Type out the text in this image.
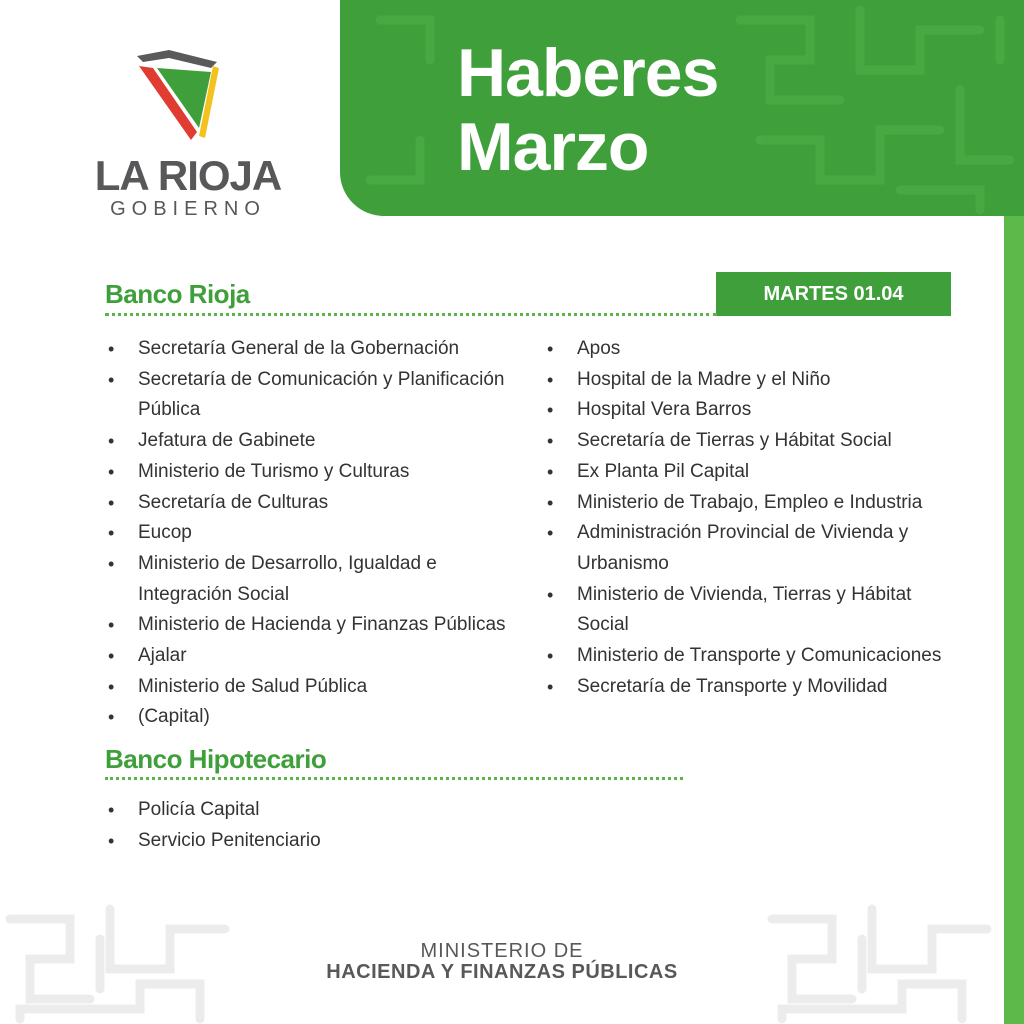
Haberes
Marzo
LA RIOJA
GOBIERNO
MARTES 01.04
Banco Rioja
• Secretaría General de la Gobernación
• Secretaría de Comunicación y Planificación Pública
• Jefatura de Gabinete
• Ministerio de Turismo y Culturas
• Secretaría de Culturas
• Eucop
• Ministerio de Desarrollo, Igualdad e Integración Social
• Ministerio de Hacienda y Finanzas Públicas
• Ajalar
• Ministerio de Salud Pública
• (Capital)
• Apos
• Hospital de la Madre y el Niño
• Hospital Vera Barros
• Secretaría de Tierras y Hábitat Social
• Ex Planta Pil Capital
• Ministerio de Trabajo, Empleo e Industria
• Administración Provincial de Vivienda y Urbanismo
• Ministerio de Vivienda, Tierras y Hábitat Social
• Ministerio de Transporte y Comunicaciones
• Secretaría de Transporte y Movilidad
Banco Hipotecario
• Policía Capital
• Servicio Penitenciario
MINISTERIO DE
HACIENDA Y FINANZAS PÚBLICAS
